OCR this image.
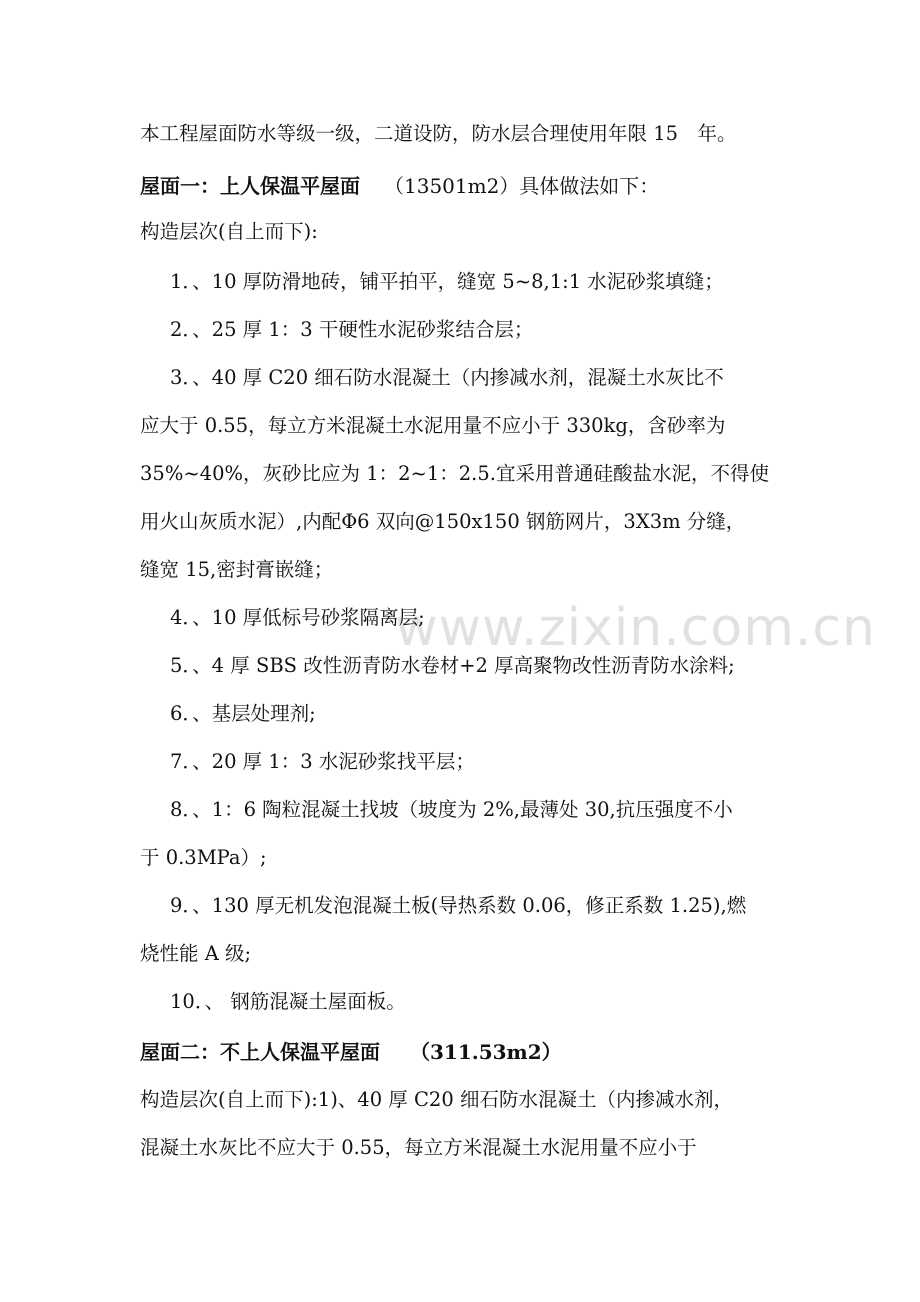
www.zixin.com.cn
本工程屋面防水等级一级，二道设防，防水层合理使用年限 15　年。
屋面一：上人保温平屋面 （13501m2）具体做法如下：
构造层次(自上而下):
1．、10 厚防滑地砖，铺平拍平，缝宽 5~8,1:1 水泥砂浆填缝；
2．、25 厚 1：3 干硬性水泥砂浆结合层；
3．、40 厚 C20 细石防水混凝土（内掺减水剂，混凝土水灰比不
应大于 0.55，每立方米混凝土水泥用量不应小于 330kg，含砂率为
35%~40%，灰砂比应为 1：2~1：2.5.宜采用普通硅酸盐水泥，不得使
用火山灰质水泥）,内配Φ6 双向@150x150 钢筋网片，3X3m 分缝，
缝宽 15,密封膏嵌缝；
4．、10 厚低标号砂浆隔离层;
5．、4 厚 SBS 改性沥青防水卷材+2 厚高聚物改性沥青防水涂料;
6．、基层处理剂;
7．、20 厚 1：3 水泥砂浆找平层；
8．、1：6 陶粒混凝土找坡（坡度为 2%,最薄处 30,抗压强度不小
于 0.3MPa）;
9．、130 厚无机发泡混凝土板(导热系数 0.06，修正系数 1.25),燃
烧性能 A 级;
10．、 钢筋混凝土屋面板。
屋面二：不上人保温平屋面 （311.53m2）
构造层次(自上而下):1)、40 厚 C20 细石防水混凝土（内掺减水剂，
混凝土水灰比不应大于 0.55，每立方米混凝土水泥用量不应小于
